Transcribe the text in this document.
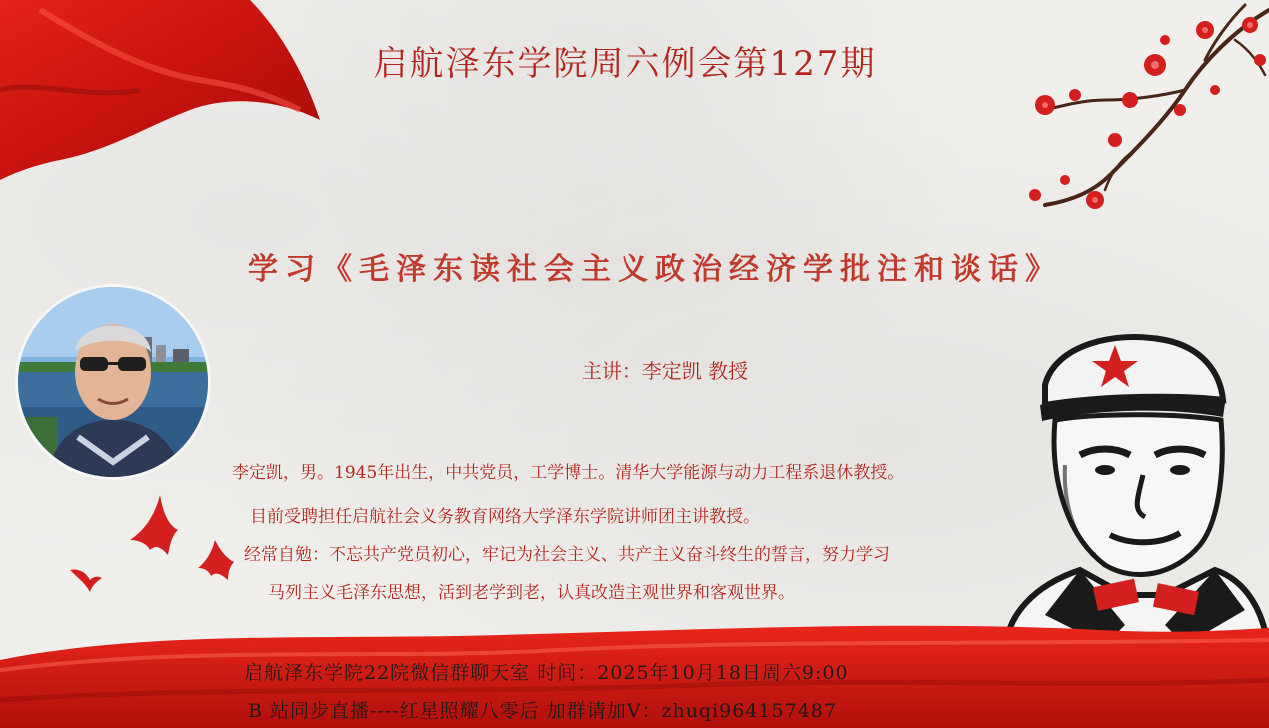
启航泽东学院周六例会第127期
学习《毛泽东读社会主义政治经济学批注和谈话》
主讲：李定凯 教授
李定凯，男。1945年出生，中共党员，工学博士。清华大学能源与动力工程系退休教授。
目前受聘担任启航社会义务教育网络大学泽东学院讲师团主讲教授。
经常自勉：不忘共产党员初心，牢记为社会主义、共产主义奋斗终生的誓言，努力学习
马列主义毛泽东思想，活到老学到老，认真改造主观世界和客观世界。
启航泽东学院22院微信群聊天室 时间：2025年10月18日周六9:00
B 站同步直播----红星照耀八零后 加群请加V：zhuqi964157487
